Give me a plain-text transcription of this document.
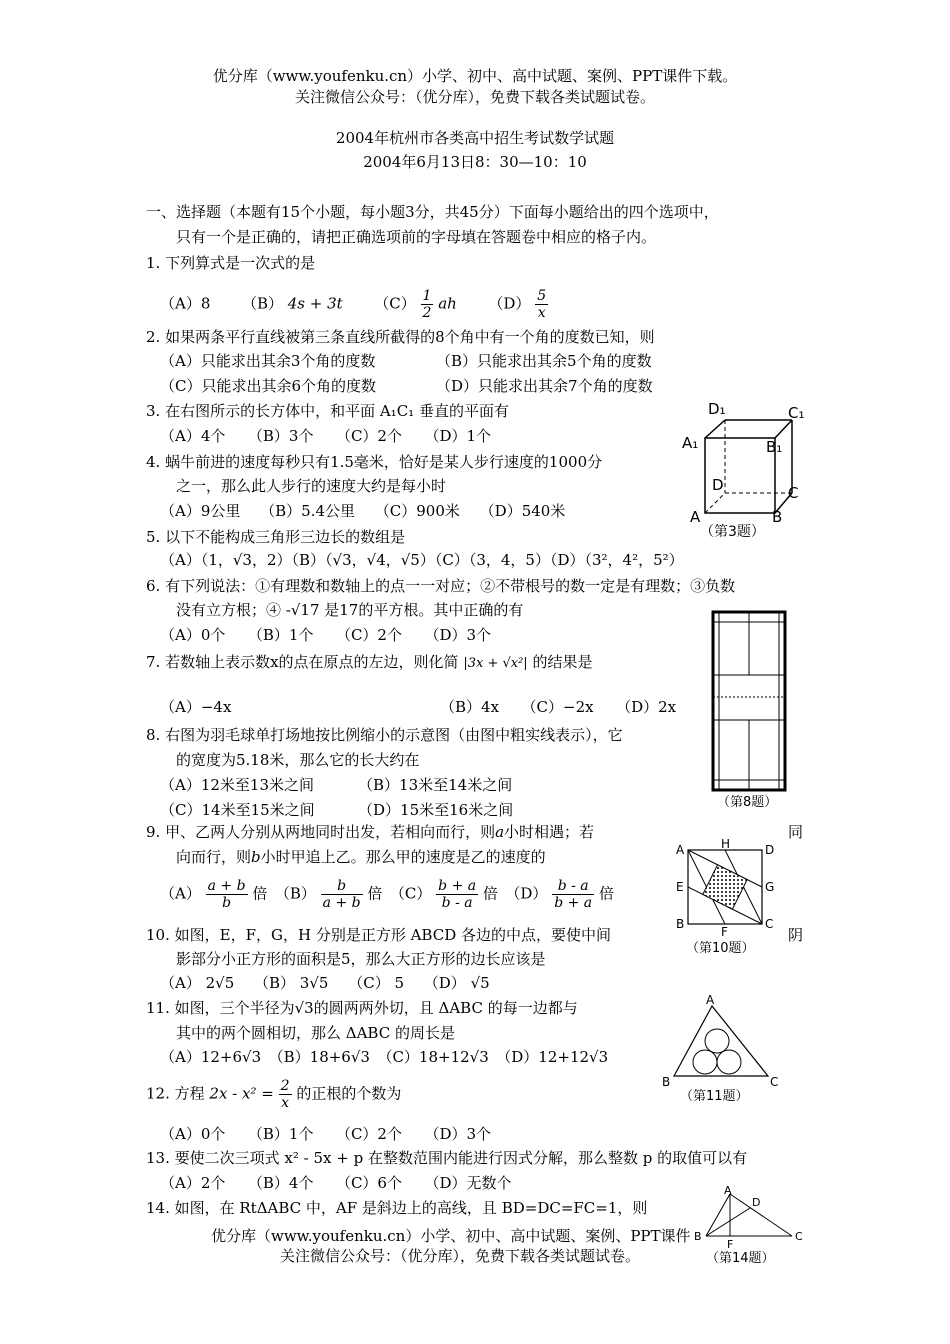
优分库（www.youfenku.cn）小学、初中、高中试题、案例、PPT课件下载。
关注微信公众号：（优分库），免费下载各类试题试卷。
2004年杭州市各类高中招生考试数学试题
2004年6月13日8：30—10：10
一、选择题（本题有15个小题，每小题3分，共45分）下面每小题给出的四个选项中，
只有一个是正确的，请把正确选项前的字母填在答题卷中相应的格子内。
1. 下列算式是一次式的是
（A）8 （B） 4s + 3t $(C) \frac{1}{2}$ ah $(D) \frac{5}{x}$
2. 如果两条平行直线被第三条直线所截得的8个角中有一个角的度数已知，则
（A）只能求出其余3个角的度数	（B）只能求出其余5个角的度数
（C）只能求出其余6个角的度数	（D）只能求出其余7个角的度数
3. 在右图所示的长方体中，和平面 A₁C₁ 垂直的平面有
（A）4个　　（B）3个　　（C）2个　　（D）1个
D₁	C₁
A₁	B₁
D	C
A	B
（第3题）
4. 蜗牛前进的速度每秒只有1.5毫米，恰好是某人步行速度的1000分
之一，那么此人步行的速度大约是每小时
（A）9公里　 （B）5.4公里　 （C）900米　 （D）540米
5. 以下不能构成三角形三边长的数组是
（A）（1，√3，2）（B）（√3，√4，√5）（C）（3，4，5）（D）（3²，4²，5²）
6. 有下列说法：①有理数和数轴上的点一一对应；②不带根号的数一定是有理数；③负数
没有立方根；④ -√17 是17的平方根。其中正确的有
（A）0个　　（B）1个　　（C）2个　　（D）3个
7. 若数轴上表示数x的点在原点的左边，则化简 |3x + √x²| 的结果是
（A）−4x	（B）4x　　（C）−2x　　（D）2x
（第8题）
8. 右图为羽毛球单打场地按比例缩小的示意图（由图中粗实线表示），它
的宽度为5.18米，那么它的长大约在
（A）12米至13米之间	（B）13米至14米之间
（C）14米至15米之间	（D）15米至16米之间
9. 甲、乙两人分别从两地同时出发，若相向而行，则a小时相遇；若	同
向而行，则b小时甲追上乙。那么甲的速度是乙的速度的
$(A) \frac{a + b}{b}$ 倍　$(B) \frac{b}{a + b}$ 倍　$(C) \frac{b + a}{b - a}$ 倍　$(D) \frac{b - a}{b + a}$ 倍
A	H	D
E	G
B
F
C
（第10题）
10. 如图，E，F，G，H 分别是正方形 ABCD 各边的中点，要使中间	阴
影部分小正方形的面积是5，那么大正方形的边长应该是
（A） 2√5　 （B） 3√5　 （C） 5　 （D） √5
11. 如图，三个半径为√3的圆两两外切，且 ΔABC 的每一边都与
其中的两个圆相切，那么 ΔABC 的周长是
（A）12+6√3　（B）18+6√3　（C）18+12√3　（D）12+12√3
A
B	C
（第11题）
12. 方程 $2x - x^2 = \frac{2}{x}$ 的正根的个数为
（A）0个　　（B）1个　　（C）2个　　（D）3个
13. 要使二次三项式 x² - 5x + p 在整数范围内能进行因式分解，那么整数 p 的取值可以有
（A）2个　　（B）4个　　（C）6个　　（D）无数个
14. 如图，在 RtΔABC 中，AF 是斜边上的高线，且 BD=DC=FC=1，则
A
D
B	C
F
（第14题）
优分库（www.youfenku.cn）小学、初中、高中试题、案例、PPT课件
关注微信公众号：（优分库），免费下载各类试题试卷。
